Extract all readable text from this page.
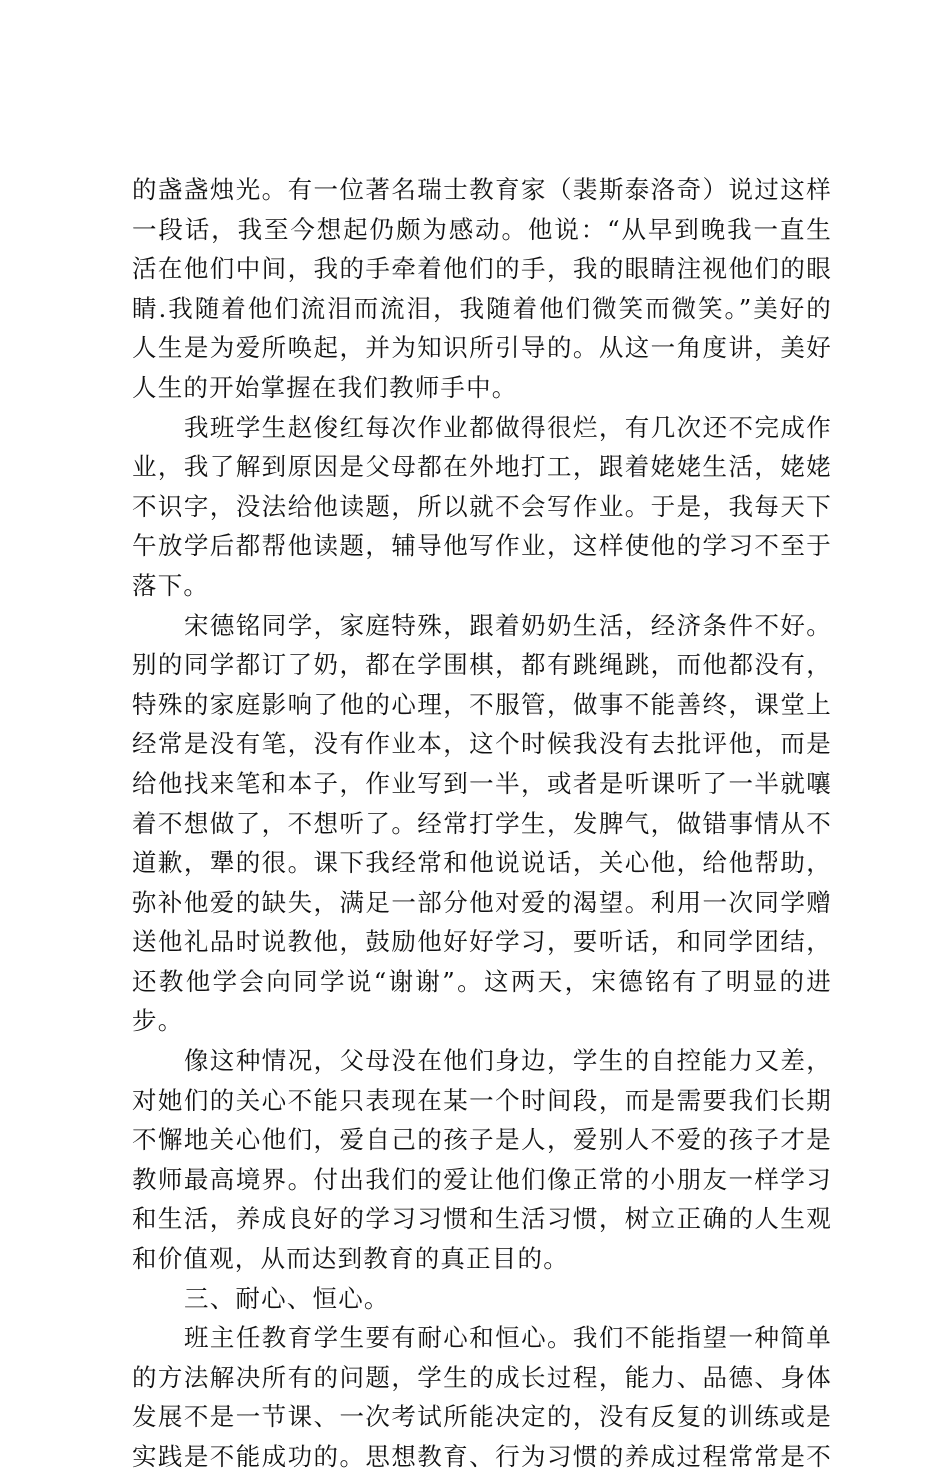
的盏盏烛光。有一位著名瑞士教育家（裴斯泰洛奇）说过这样
一段话，我至今想起仍颇为感动。他说：“从早到晚我一直生
活在他们中间，我的手牵着他们的手，我的眼睛注视他们的眼
睛.我随着他们流泪而流泪，我随着他们微笑而微笑。”美好的
人生是为爱所唤起，并为知识所引导的。从这一角度讲，美好
人生的开始掌握在我们教师手中。
我班学生赵俊红每次作业都做得很烂，有几次还不完成作
业，我了解到原因是父母都在外地打工，跟着姥姥生活，姥姥
不识字，没法给他读题，所以就不会写作业。于是，我每天下
午放学后都帮他读题，辅导他写作业，这样使他的学习不至于
落下。
宋德铭同学，家庭特殊，跟着奶奶生活，经济条件不好。
别的同学都订了奶，都在学围棋，都有跳绳跳，而他都没有，
特殊的家庭影响了他的心理，不服管，做事不能善终，课堂上
经常是没有笔，没有作业本，这个时候我没有去批评他，而是
给他找来笔和本子，作业写到一半，或者是听课听了一半就嚷
着不想做了，不想听了。经常打学生，发脾气，做错事情从不
道歉，犟的很。课下我经常和他说说话，关心他，给他帮助，
弥补他爱的缺失，满足一部分他对爱的渴望。利用一次同学赠
送他礼品时说教他，鼓励他好好学习，要听话，和同学团结，
还教他学会向同学说“谢谢”。这两天，宋德铭有了明显的进
步。
像这种情况，父母没在他们身边，学生的自控能力又差，
对她们的关心不能只表现在某一个时间段，而是需要我们长期
不懈地关心他们，爱自己的孩子是人，爱别人不爱的孩子才是
教师最高境界。付出我们的爱让他们像正常的小朋友一样学习
和生活，养成良好的学习习惯和生活习惯，树立正确的人生观
和价值观，从而达到教育的真正目的。
三、耐心、恒心。
班主任教育学生要有耐心和恒心。我们不能指望一种简单
的方法解决所有的问题，学生的成长过程，能力、品德、身体
发展不是一节课、一次考试所能决定的，没有反复的训练或是
实践是不能成功的。思想教育、行为习惯的养成过程常常是不
